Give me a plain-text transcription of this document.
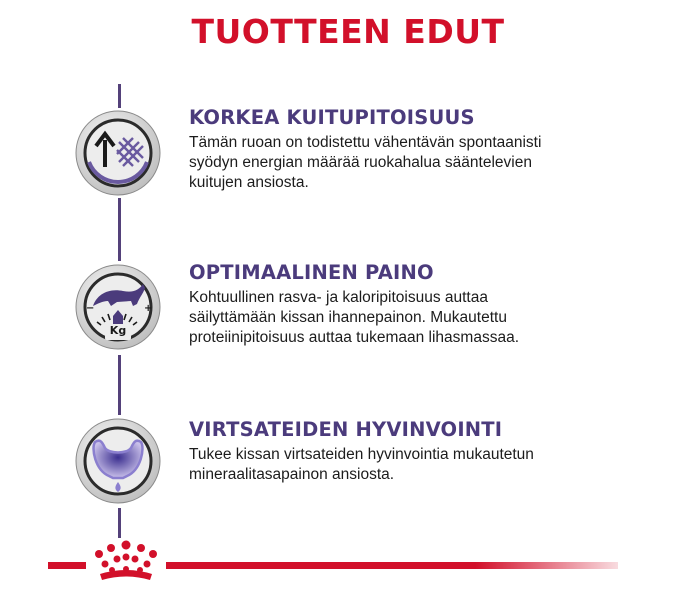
TUOTTEEN EDUT
−	+
Kg
KORKEA KUITUPITOISUUS

Tämän ruoan on todistettu vähentävän spontaanisti
syödyn energian määrää ruokahalua sääntelevien
kuitujen ansiosta.

OPTIMAALINEN PAINO

Kohtuullinen rasva- ja kaloripitoisuus auttaa
säilyttämään kissan ihannepainon. Mukautettu
proteiinipitoisuus auttaa tukemaan lihasmassaa.

VIRTSATEIDEN HYVINVOINTI

Tukee kissan virtsateiden hyvinvointia mukautetun
mineraalitasapainon ansiosta.
